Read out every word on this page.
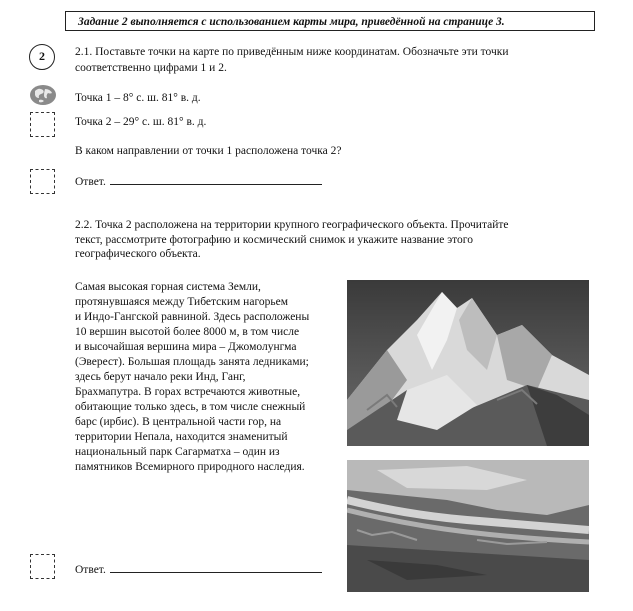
Задание 2 выполняется с использованием карты мира, приведённой на странице 3.
2	2.1. Поставьте точки на карте по приведённым ниже координатам. Обозначьте эти точки
соответственно цифрами 1 и 2.
Точка 1 – 8° с. ш. 81° в. д.
Точка 2 – 29° с. ш. 81° в. д.
В каком направлении от точки 1 расположена точка 2?
Ответ.
2.2. Точка 2 расположена на территории крупного географического объекта. Прочитайте
текст, рассмотрите фотографию и космический снимок и укажите название этого
географического объекта.
Самая высокая горная система Земли,
протянувшаяся между Тибетским нагорьем
и Индо-Гангской равниной. Здесь расположены
10 вершин высотой более 8000 м, в том числе
и высочайшая вершина мира – Джомолунгма
(Эверест). Большая площадь занята ледниками;
здесь берут начало реки Инд, Ганг,
Брахмапутра. В горах встречаются животные,
обитающие только здесь, в том числе снежный
барс (ирбис). В центральной части гор, на
территории Непала, находится знаменитый
национальный парк Сагарматха – один из
памятников Всемирного природного наследия.
Ответ.
